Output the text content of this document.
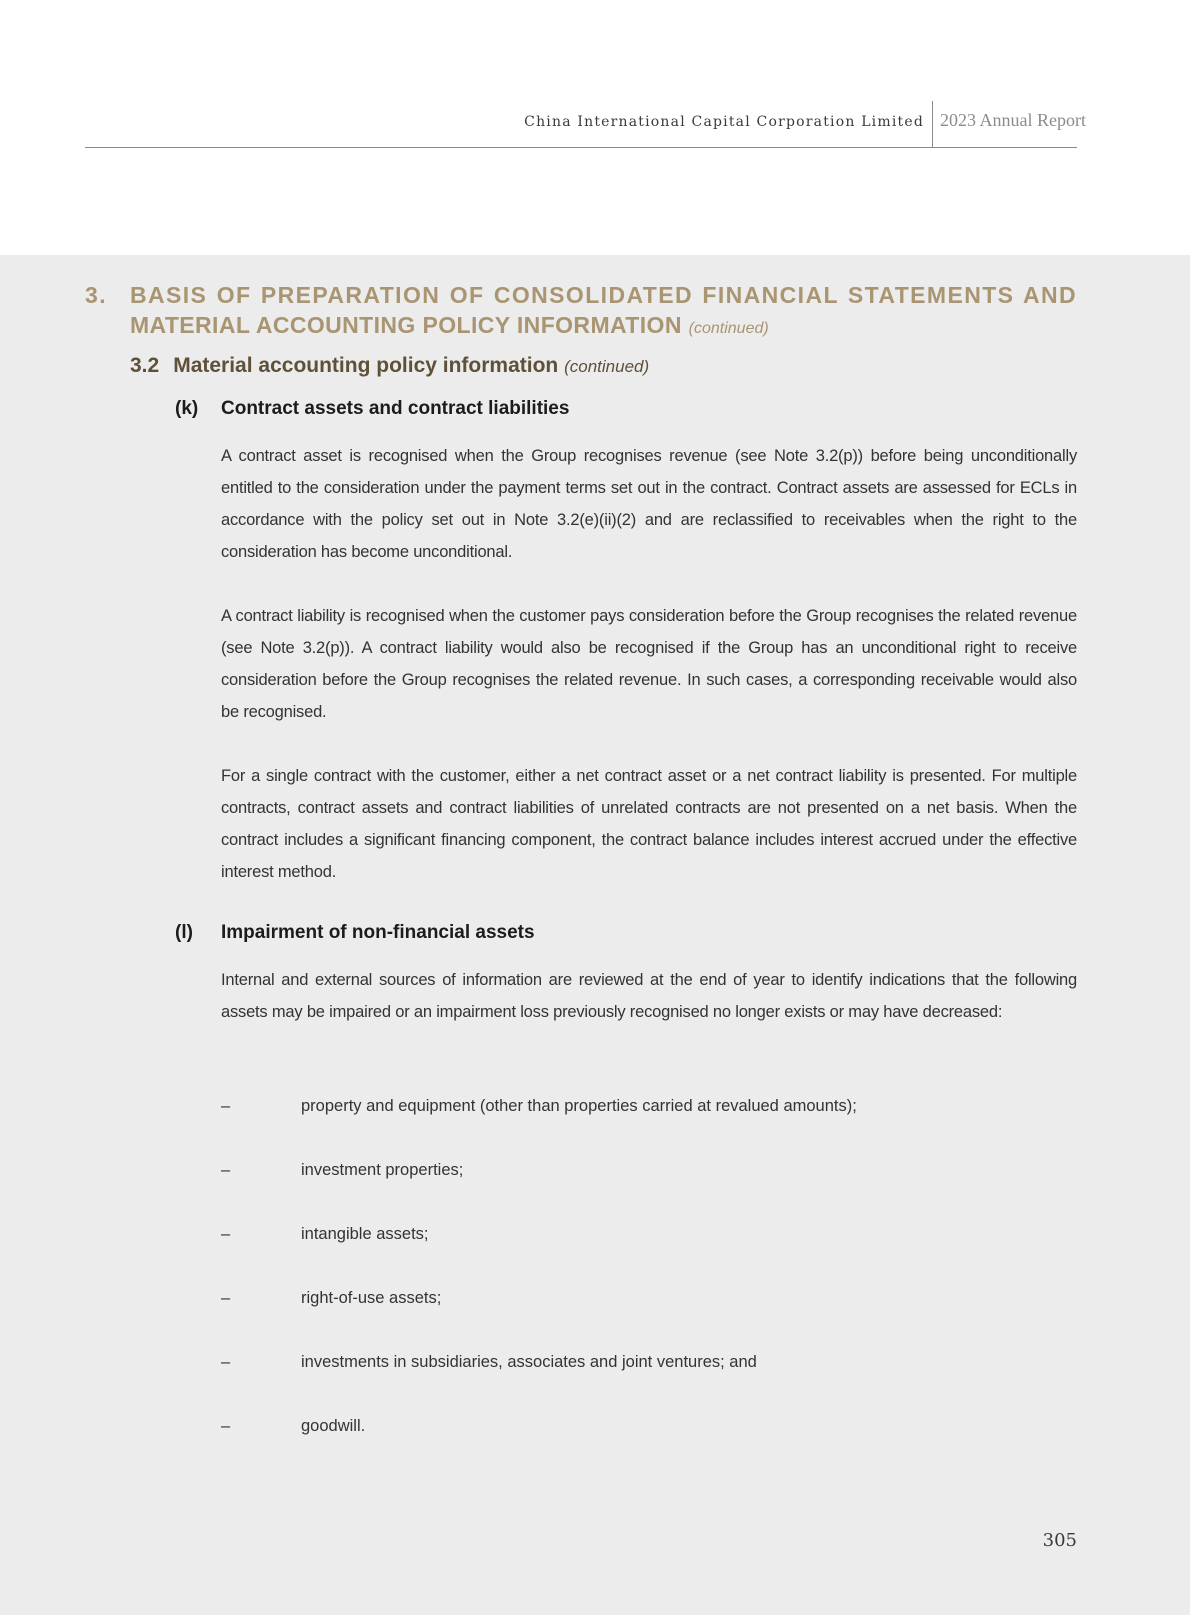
China International Capital Corporation Limited 2023 Annual Report
3. BASIS OF PREPARATION OF CONSOLIDATED FINANCIAL STATEMENTS AND
MATERIAL ACCOUNTING POLICY INFORMATION (continued)
3.2 Material accounting policy information (continued)
(k) Contract assets and contract liabilities
A contract asset is recognised when the Group recognises revenue (see Note 3.2(p)) before being unconditionally entitled to the consideration under the payment terms set out in the contract. Contract assets are assessed for ECLs in accordance with the policy set out in Note 3.2(e)(ii)(2) and are reclassified to receivables when the right to the consideration has become unconditional.
A contract liability is recognised when the customer pays consideration before the Group recognises the related revenue (see Note 3.2(p)). A contract liability would also be recognised if the Group has an unconditional right to receive consideration before the Group recognises the related revenue. In such cases, a corresponding receivable would also be recognised.
For a single contract with the customer, either a net contract asset or a net contract liability is presented. For multiple contracts, contract assets and contract liabilities of unrelated contracts are not presented on a net basis. When the contract includes a significant financing component, the contract balance includes interest accrued under the effective interest method.
(l) Impairment of non-financial assets
Internal and external sources of information are reviewed at the end of year to identify indications that the following assets may be impaired or an impairment loss previously recognised no longer exists or may have decreased:
–	property and equipment (other than properties carried at revalued amounts);
–	investment properties;
–	intangible assets;
–	right-of-use assets;
–	investments in subsidiaries, associates and joint ventures; and
–	goodwill.
305
